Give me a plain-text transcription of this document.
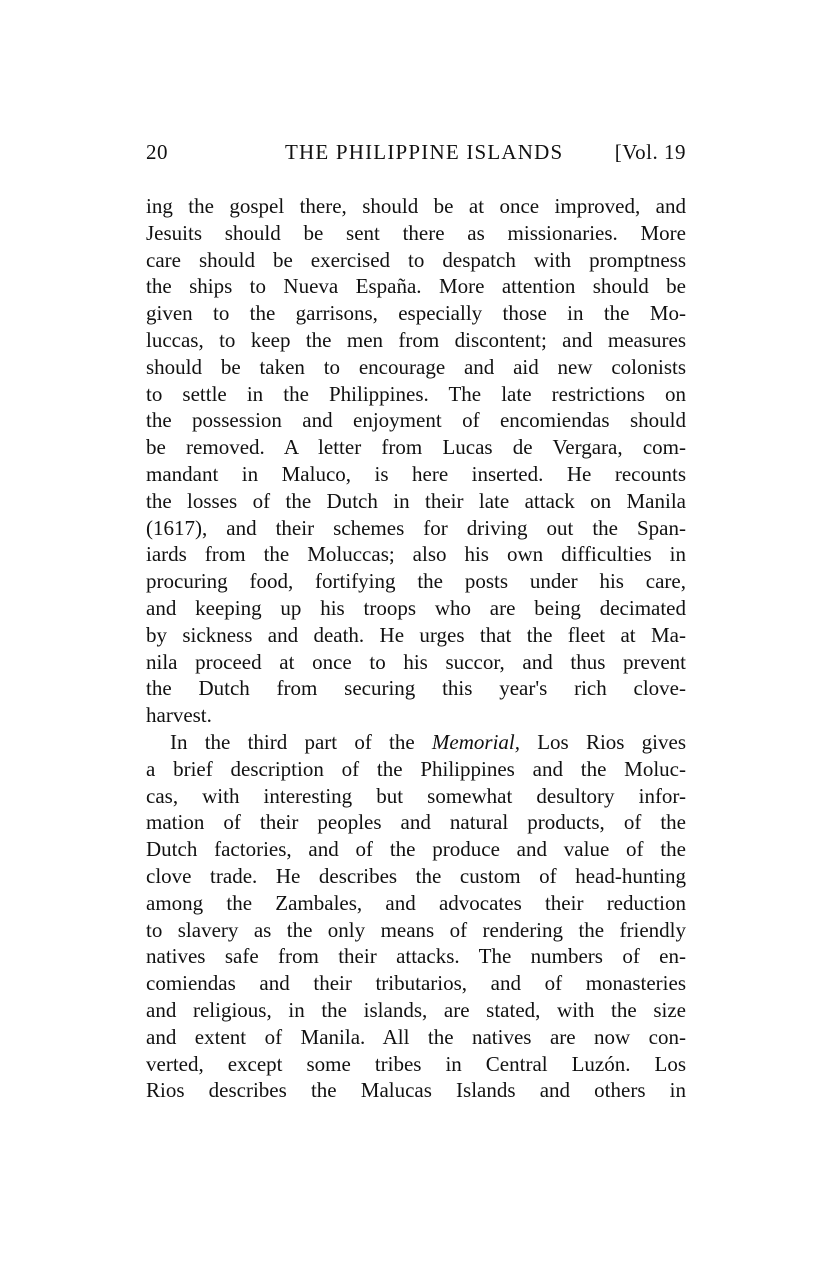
20	THE PHILIPPINE ISLANDS [Vol. 19
ing the gospel there, should be at once improved, and
Jesuits should be sent there as missionaries. More
care should be exercised to despatch with promptness
the ships to Nueva España. More attention should be
given to the garrisons, especially those in the Mo-
luccas, to keep the men from discontent; and measures
should be taken to encourage and aid new colonists
to settle in the Philippines. The late restrictions on
the possession and enjoyment of encomiendas should
be removed. A letter from Lucas de Vergara, com-
mandant in Maluco, is here inserted. He recounts
the losses of the Dutch in their late attack on Manila
(1617), and their schemes for driving out the Span-
iards from the Moluccas; also his own difficulties in
procuring food, fortifying the posts under his care,
and keeping up his troops who are being decimated
by sickness and death. He urges that the fleet at Ma-
nila proceed at once to his succor, and thus prevent
the Dutch from securing this year's rich clove-
harvest.
In the third part of the Memorial, Los Rios gives
a brief description of the Philippines and the Moluc-
cas, with interesting but somewhat desultory infor-
mation of their peoples and natural products, of the
Dutch factories, and of the produce and value of the
clove trade. He describes the custom of head-hunting
among the Zambales, and advocates their reduction
to slavery as the only means of rendering the friendly
natives safe from their attacks. The numbers of en-
comiendas and their tributarios, and of monasteries
and religious, in the islands, are stated, with the size
and extent of Manila. All the natives are now con-
verted, except some tribes in Central Luzón. Los
Rios describes the Malucas Islands and others in
